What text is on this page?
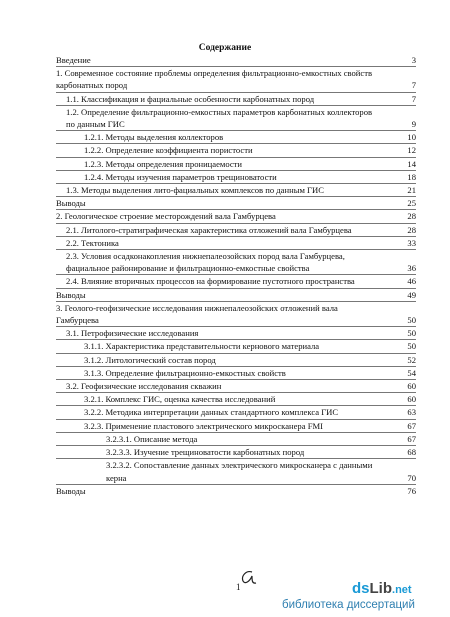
Содержание
Введение	3
1. Современное состояние проблемы определения фильтрационно-емкостных свойств карбонатных пород	7
1.1. Классификация и фациальные особенности карбонатных пород	7
1.2. Определение фильтрационно-емкостных параметров карбонатных коллекторов по данным ГИС	9
1.2.1. Методы выделения коллекторов	10
1.2.2. Определение коэффициента пористости	12
1.2.3. Методы определения проницаемости	14
1.2.4. Методы изучения параметров трещиноватости	18
1.3. Методы выделения лито-фациальных комплексов по данным ГИС	21
Выводы	25
2. Геологическое строение месторождений вала Гамбурцева	28
2.1. Литолого-стратиграфическая характеристика отложений вала Гамбурцева	28
2.2. Тектоника	33
2.3. Условия осадконакопления нижнепалеозойских пород вала Гамбурцева, фациальное районирование и фильтрационно-емкостные свойства	36
2.4. Влияние вторичных процессов на формирование пустотного пространства	46
Выводы	49
3. Геолого-геофизические исследования нижнепалеозойских отложений вала Гамбурцева	50
3.1. Петрофизические исследования	50
3.1.1. Характеристика представительности кернового материала	50
3.1.2. Литологический состав пород	52
3.1.3. Определение фильтрационно-емкостных свойств	54
3.2. Геофизические исследования скважин	60
3.2.1. Комплекс ГИС, оценка качества исследований	60
3.2.2. Методика интерпретации данных стандартного комплекса ГИС	63
3.2.3. Применение пластового электрического микросканера FMI	67
3.2.3.1. Описание метода	67
3.2.3.3. Изучение трещиноватости карбонатных пород	68
3.2.3.2. Сопоставление данных электрического микросканера с данными керна	70
Выводы	76
1	dsLib.net
библиотека диссертаций
